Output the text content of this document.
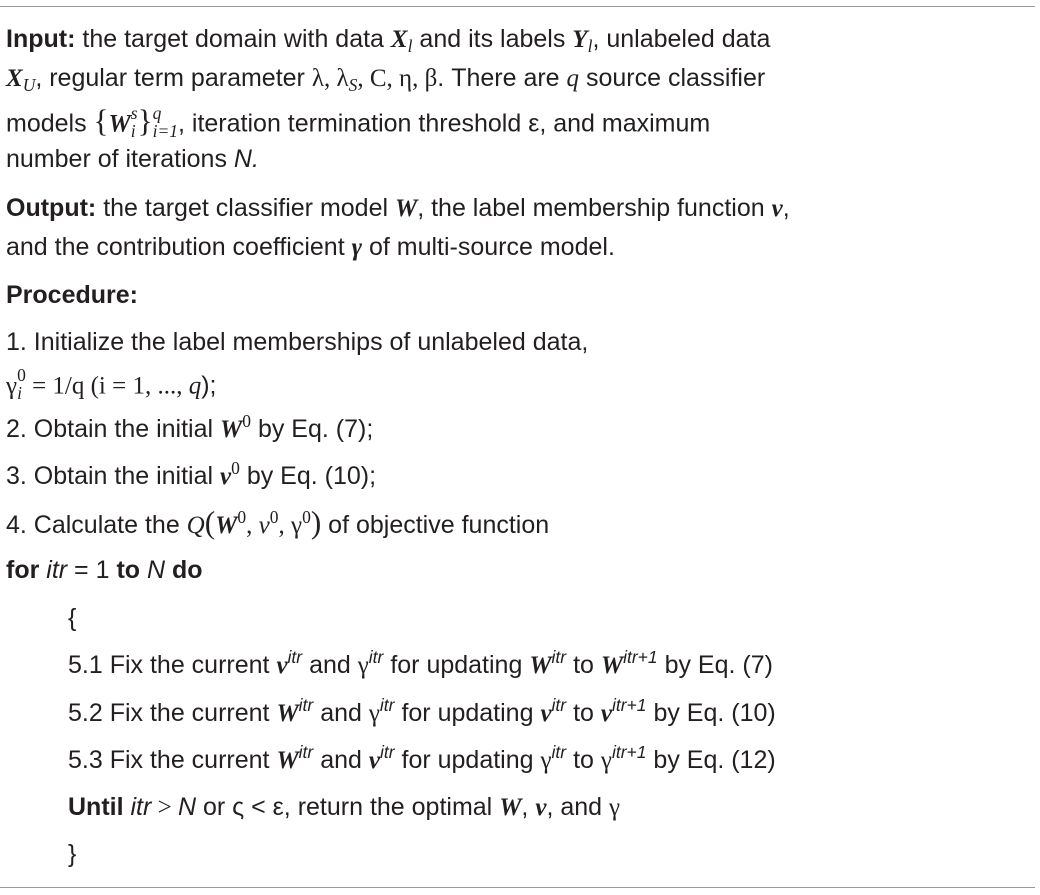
Input: the target domain with data $X_l$ and its labels $Y_l$, unlabeled data
$X_U$, regular term parameter λ, $\lambda_S$, C, η, β. There are q source classifier
models {W s
i } q
i=1 , iteration termination threshold ε, and maximum
number of iterations N.
Output: the target classifier model W, the label membership function v,
and the contribution coefficient γ of multi-source model.
Procedure:
1. Initialize the label memberships of unlabeled data,
γ 0
i = 1/q (i = 1, ..., q);
2. Obtain the initial $W^0$ by Eq. (7);
3. Obtain the initial $v^0$ by Eq. (10);
4. Calculate the $Q(W^0$, $v^0$, $\gamma^0$) of objective function
for itr = 1 to N do
{
5.1 Fix the current $v^{itr}$ and $\gamma^{itr}$ for updating $W^{itr}$ to $W^{itr+1}$ by Eq. (7)
5.2 Fix the current $W^{itr}$ and $\gamma^{itr}$ for updating $v^{itr}$ to $v^{itr+1}$ by Eq. (10)
5.3 Fix the current $W^{itr}$ and $v^{itr}$ for updating $\gamma^{itr}$ to $\gamma^{itr+1}$ by Eq. (12)
Until itr > N or ς < ε, return the optimal W, v, and γ
}
